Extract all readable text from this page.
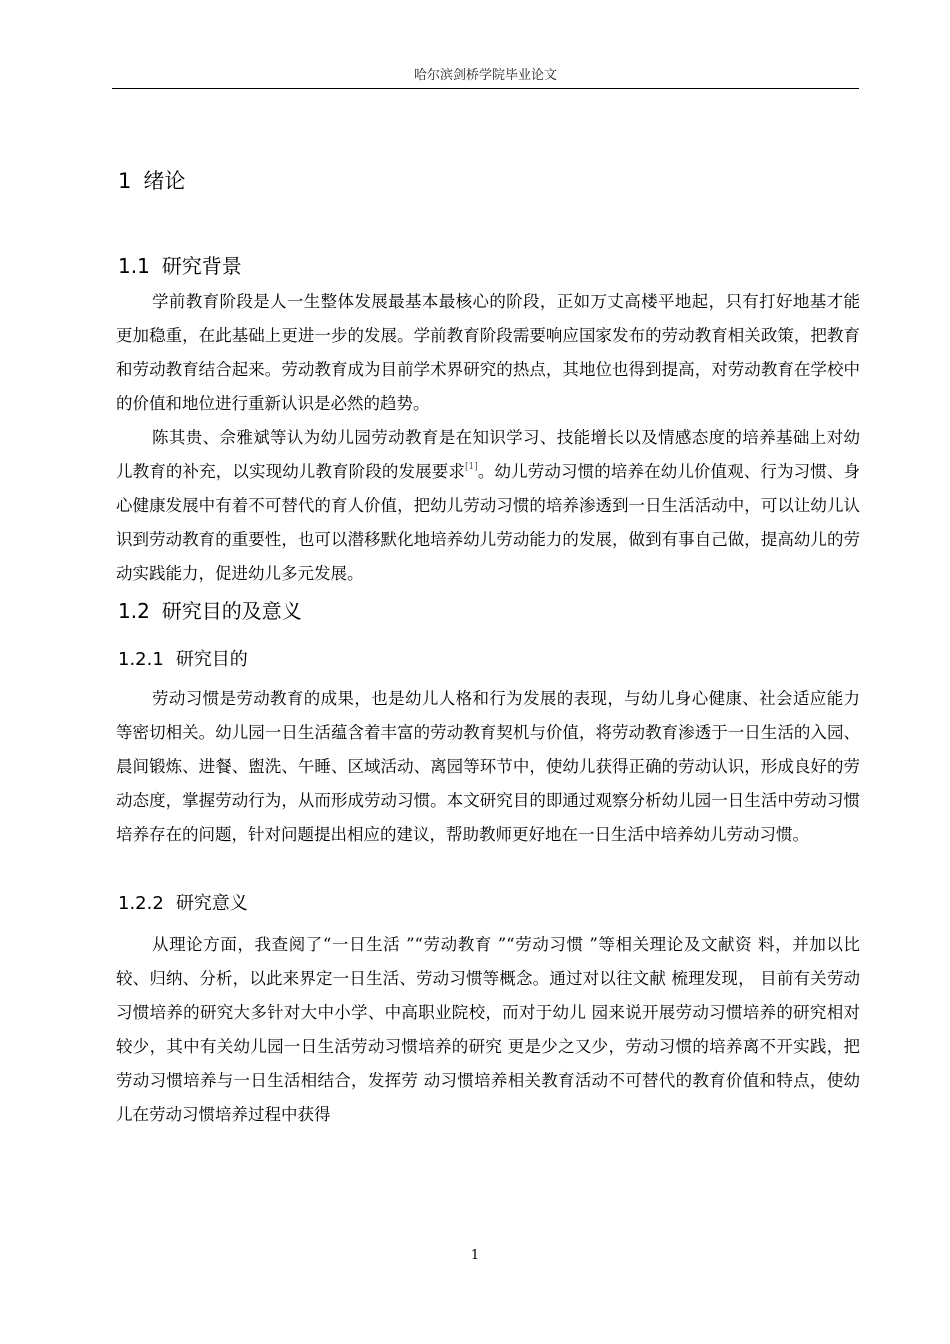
哈尔滨剑桥学院毕业论文
1 绪论
1.1 研究背景

学前教育阶段是人一生整体发展最基本最核心的阶段，正如万丈高楼平地起，只有打好地基才能更加稳重，在此基础上更进一步的发展。学前教育阶段需要响应国家发布的劳动教育相关政策，把教育和劳动教育结合起来。劳动教育成为目前学术界研究的热点，其地位也得到提高，对劳动教育在学校中的价值和地位进行重新认识是必然的趋势。

陈其贵、佘雅斌等认为幼儿园劳动教育是在知识学习、技能增长以及情感态度的培养基础上对幼儿教育的补充，以实现幼儿教育阶段的发展要求[1]。幼儿劳动习惯的培养在幼儿价值观、行为习惯、身心健康发展中有着不可替代的育人价值，把幼儿劳动习惯的培养渗透到一日生活活动中，可以让幼儿认识到劳动教育的重要性，也可以潜移默化地培养幼儿劳动能力的发展，做到有事自己做，提高幼儿的劳动实践能力，促进幼儿多元发展。

1.2 研究目的及意义
1.2.1 研究目的

劳动习惯是劳动教育的成果，也是幼儿人格和行为发展的表现，与幼儿身心健康、社会适应能力等密切相关。幼儿园一日生活蕴含着丰富的劳动教育契机与价值，将劳动教育渗透于一日生活的入园、晨间锻炼、进餐、盥洗、午睡、区域活动、离园等环节中，使幼儿获得正确的劳动认识，形成良好的劳动态度，掌握劳动行为，从而形成劳动习惯。本文研究目的即通过观察分析幼儿园一日生活中劳动习惯培养存在的问题，针对问题提出相应的建议，帮助教师更好地在一日生活中培养幼儿劳动习惯。

1.2.2 研究意义

从理论方面，我查阅了“一日生活 ”“劳动教育 ”“劳动习惯 ”等相关理论及文献资 料，并加以比较、归纳、分析，以此来界定一日生活、劳动习惯等概念。通过对以往文献 梳理发现， 目前有关劳动习惯培养的研究大多针对大中小学、中高职业院校，而对于幼儿 园来说开展劳动习惯培养的研究相对较少，其中有关幼儿园一日生活劳动习惯培养的研究 更是少之又少，劳动习惯的培养离不开实践，把劳动习惯培养与一日生活相结合，发挥劳 动习惯培养相关教育活动不可替代的教育价值和特点，使幼儿在劳动习惯培养过程中获得

1
